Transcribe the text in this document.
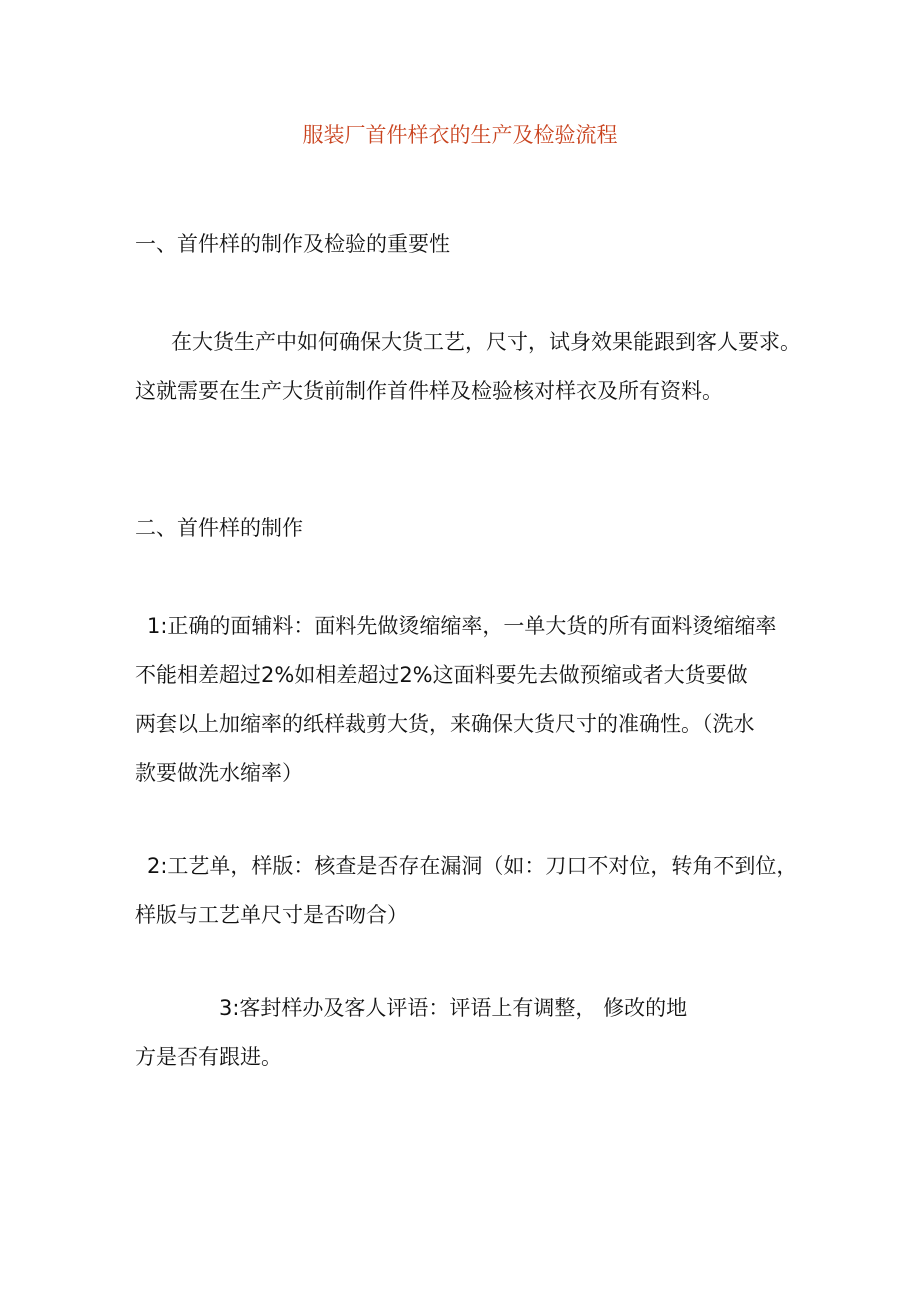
服装厂首件样衣的生产及检验流程
一、首件样的制作及检验的重要性
在大货生产中如何确保大货工艺，尺寸，试身效果能跟到客人要求。
这就需要在生产大货前制作首件样及检验核对样衣及所有资料。
二、首件样的制作
1:正确的面辅料：面料先做烫缩缩率，一单大货的所有面料烫缩缩率
不能相差超过2%如相差超过2%这面料要先去做预缩或者大货要做
两套以上加缩率的纸样裁剪大货，来确保大货尺寸的准确性。（洗水
款要做洗水缩率）
2:工艺单，样版：核查是否存在漏洞（如：刀口不对位，转角不到位，
样版与工艺单尺寸是否吻合）
3:客封样办及客人评语：评语上有调整， 修改的地
方是否有跟进。
